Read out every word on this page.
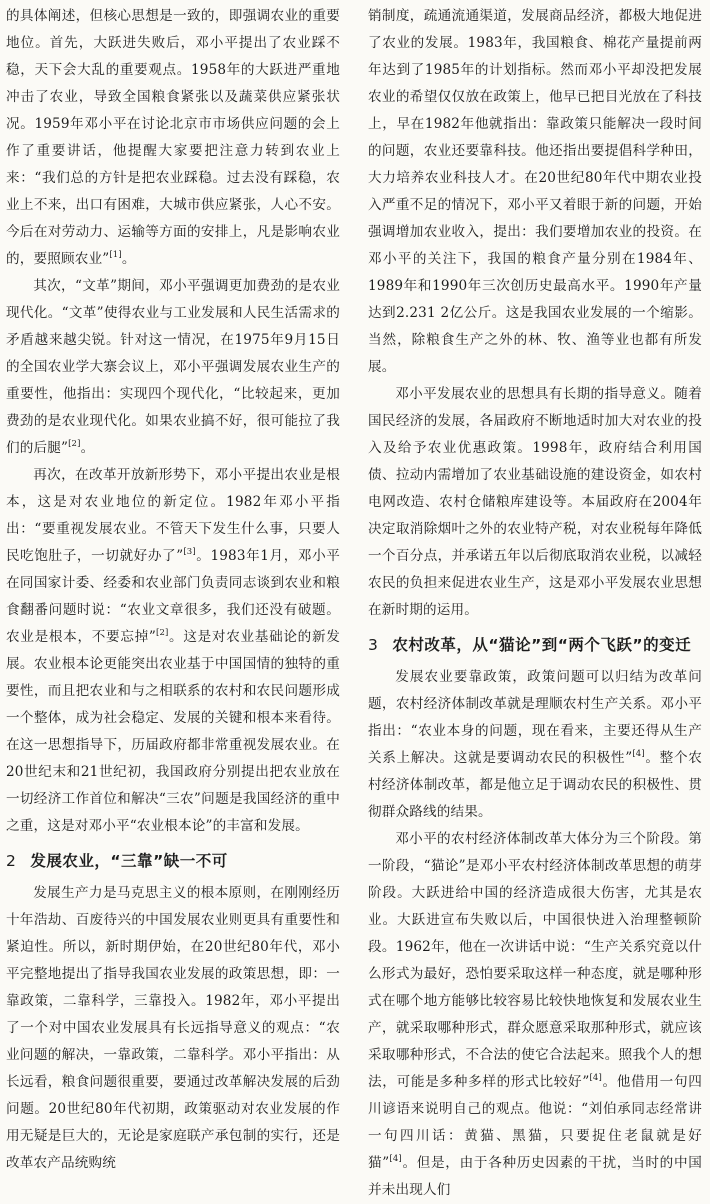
的具体阐述，但核心思想是一致的，即强调农业的重要地位。首先，大跃进失败后，邓小平提出了农业踩不稳，天下会大乱的重要观点。1958年的大跃进严重地冲击了农业，导致全国粮食紧张以及蔬菜供应紧张状况。1959年邓小平在讨论北京市市场供应问题的会上作了重要讲话，他提醒大家要把注意力转到农业上来：“我们总的方针是把农业踩稳。过去没有踩稳，农业上不来，出口有困难，大城市供应紧张，人心不安。今后在对劳动力、运输等方面的安排上，凡是影响农业的，要照顾农业”[1]。

其次，“文革”期间，邓小平强调更加费劲的是农业现代化。“文革”使得农业与工业发展和人民生活需求的矛盾越来越尖锐。针对这一情况，在1975年9月15日的全国农业学大寨会议上，邓小平强调发展农业生产的重要性，他指出：实现四个现代化，“比较起来，更加费劲的是农业现代化。如果农业搞不好，很可能拉了我们的后腿”[2]。

再次，在改革开放新形势下，邓小平提出农业是根本，这是对农业地位的新定位。1982年邓小平指出：“要重视发展农业。不管天下发生什么事，只要人民吃饱肚子，一切就好办了”[3]。1983年1月，邓小平在同国家计委、经委和农业部门负责同志谈到农业和粮食翻番问题时说：“农业文章很多，我们还没有破题。农业是根本，不要忘掉”[2]。这是对农业基础论的新发展。农业根本论更能突出农业基于中国国情的独特的重要性，而且把农业和与之相联系的农村和农民问题形成一个整体，成为社会稳定、发展的关键和根本来看待。在这一思想指导下，历届政府都非常重视发展农业。在20世纪末和21世纪初，我国政府分别提出把农业放在一切经济工作首位和解决“三农”问题是我国经济的重中之重，这是对邓小平“农业根本论”的丰富和发展。

2 发展农业，“三靠”缺一不可

发展生产力是马克思主义的根本原则，在刚刚经历十年浩劫、百废待兴的中国发展农业则更具有重要性和紧迫性。所以，新时期伊始，在20世纪80年代，邓小平完整地提出了指导我国农业发展的政策思想，即：一靠政策，二靠科学，三靠投入。1982年，邓小平提出了一个对中国农业发展具有长远指导意义的观点：“农业问题的解决，一靠政策，二靠科学。邓小平指出：从长远看，粮食问题很重要，要通过改革解决发展的后劲问题。20世纪80年代初期，政策驱动对农业发展的作用无疑是巨大的，无论是家庭联产承包制的实行，还是改革农产品统购统

销制度，疏通流通渠道，发展商品经济，都极大地促进了农业的发展。1983年，我国粮食、棉花产量提前两年达到了1985年的计划指标。然而邓小平却没把发展农业的希望仅仅放在政策上，他早已把目光放在了科技上，早在1982年他就指出：靠政策只能解决一段时间的问题，农业还要靠科技。他还指出要提倡科学种田，大力培养农业科技人才。在20世纪80年代中期农业投入严重不足的情况下，邓小平又着眼于新的问题，开始强调增加农业收入，提出：我们要增加农业的投资。在邓小平的关注下，我国的粮食产量分别在1984年、1989年和1990年三次创历史最高水平。1990年产量达到2.231 2亿公斤。这是我国农业发展的一个缩影。当然，除粮食生产之外的林、牧、渔等业也都有所发展。

邓小平发展农业的思想具有长期的指导意义。随着国民经济的发展，各届政府不断地适时加大对农业的投入及给予农业优惠政策。1998年，政府结合利用国债、拉动内需增加了农业基础设施的建设资金，如农村电网改造、农村仓储粮库建设等。本届政府在2004年决定取消除烟叶之外的农业特产税，对农业税每年降低一个百分点，并承诺五年以后彻底取消农业税，以减轻农民的负担来促进农业生产，这是邓小平发展农业思想在新时期的运用。

3 农村改革，从“猫论”到“两个飞跃”的变迁

发展农业要靠政策，政策问题可以归结为改革问题，农村经济体制改革就是理顺农村生产关系。邓小平指出：“农业本身的问题，现在看来，主要还得从生产关系上解决。这就是要调动农民的积极性”[4]。整个农村经济体制改革，都是他立足于调动农民的积极性、贯彻群众路线的结果。

邓小平的农村经济体制改革大体分为三个阶段。第一阶段，“猫论”是邓小平农村经济体制改革思想的萌芽阶段。大跃进给中国的经济造成很大伤害，尤其是农业。大跃进宣布失败以后，中国很快进入治理整顿阶段。1962年，他在一次讲话中说：“生产关系究竟以什么形式为最好，恐怕要采取这样一种态度，就是哪种形式在哪个地方能够比较容易比较快地恢复和发展农业生产，就采取哪种形式，群众愿意采取那种形式，就应该采取哪种形式，不合法的使它合法起来。照我个人的想法，可能是多种多样的形式比较好”[4]。他借用一句四川谚语来说明自己的观点。他说：“刘伯承同志经常讲一句四川话：黄猫、黑猫，只要捉住老鼠就是好猫”[4]。但是，由于各种历史因素的干扰，当时的中国并未出现人们
